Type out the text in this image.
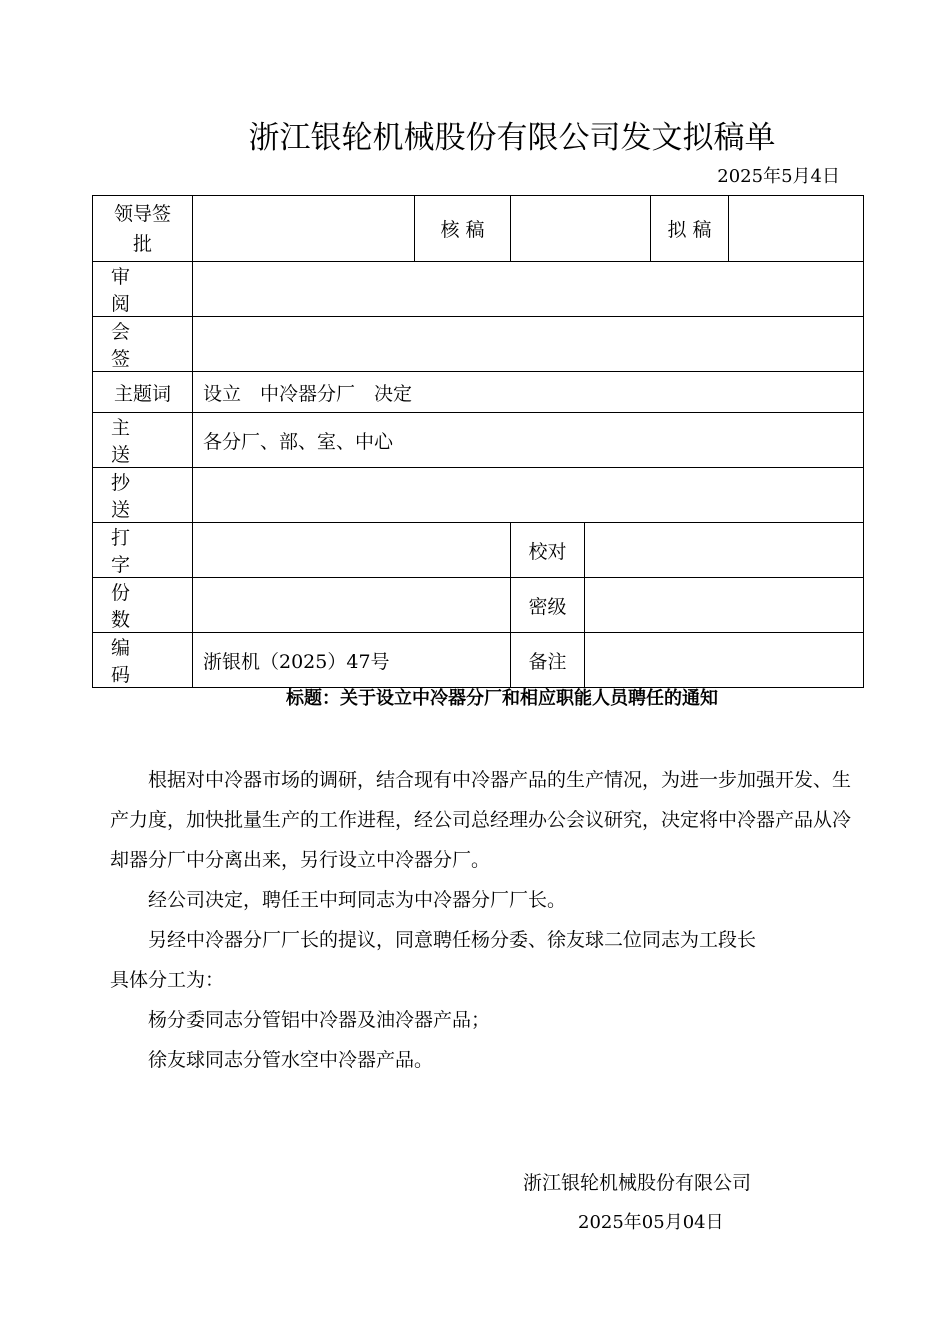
浙江银轮机械股份有限公司发文拟稿单
2025年5月4日
领导签批		核 稿			拟 稿	
审阅						
会签						
主题词	设立　中冷器分厂　决定					
主送	各分厂、部、室、中心					
抄送						
打字			校对			
份数			密级			
编码	浙银机（2025）47号		备注			
标题：关于设立中冷器分厂和相应职能人员聘任的通知

根据对中冷器市场的调研，结合现有中冷器产品的生产情况，为进一步加强开发、生产力度，加快批量生产的工作进程，经公司总经理办公会议研究，决定将中冷器产品从冷却器分厂中分离出来，另行设立中冷器分厂。

经公司决定，聘任王中珂同志为中冷器分厂厂长。

另经中冷器分厂厂长的提议，同意聘任杨分委、徐友球二位同志为工段长

具体分工为：

杨分委同志分管铝中冷器及油冷器产品；

徐友球同志分管水空中冷器产品。

浙江银轮机械股份有限公司
2025年05月04日
